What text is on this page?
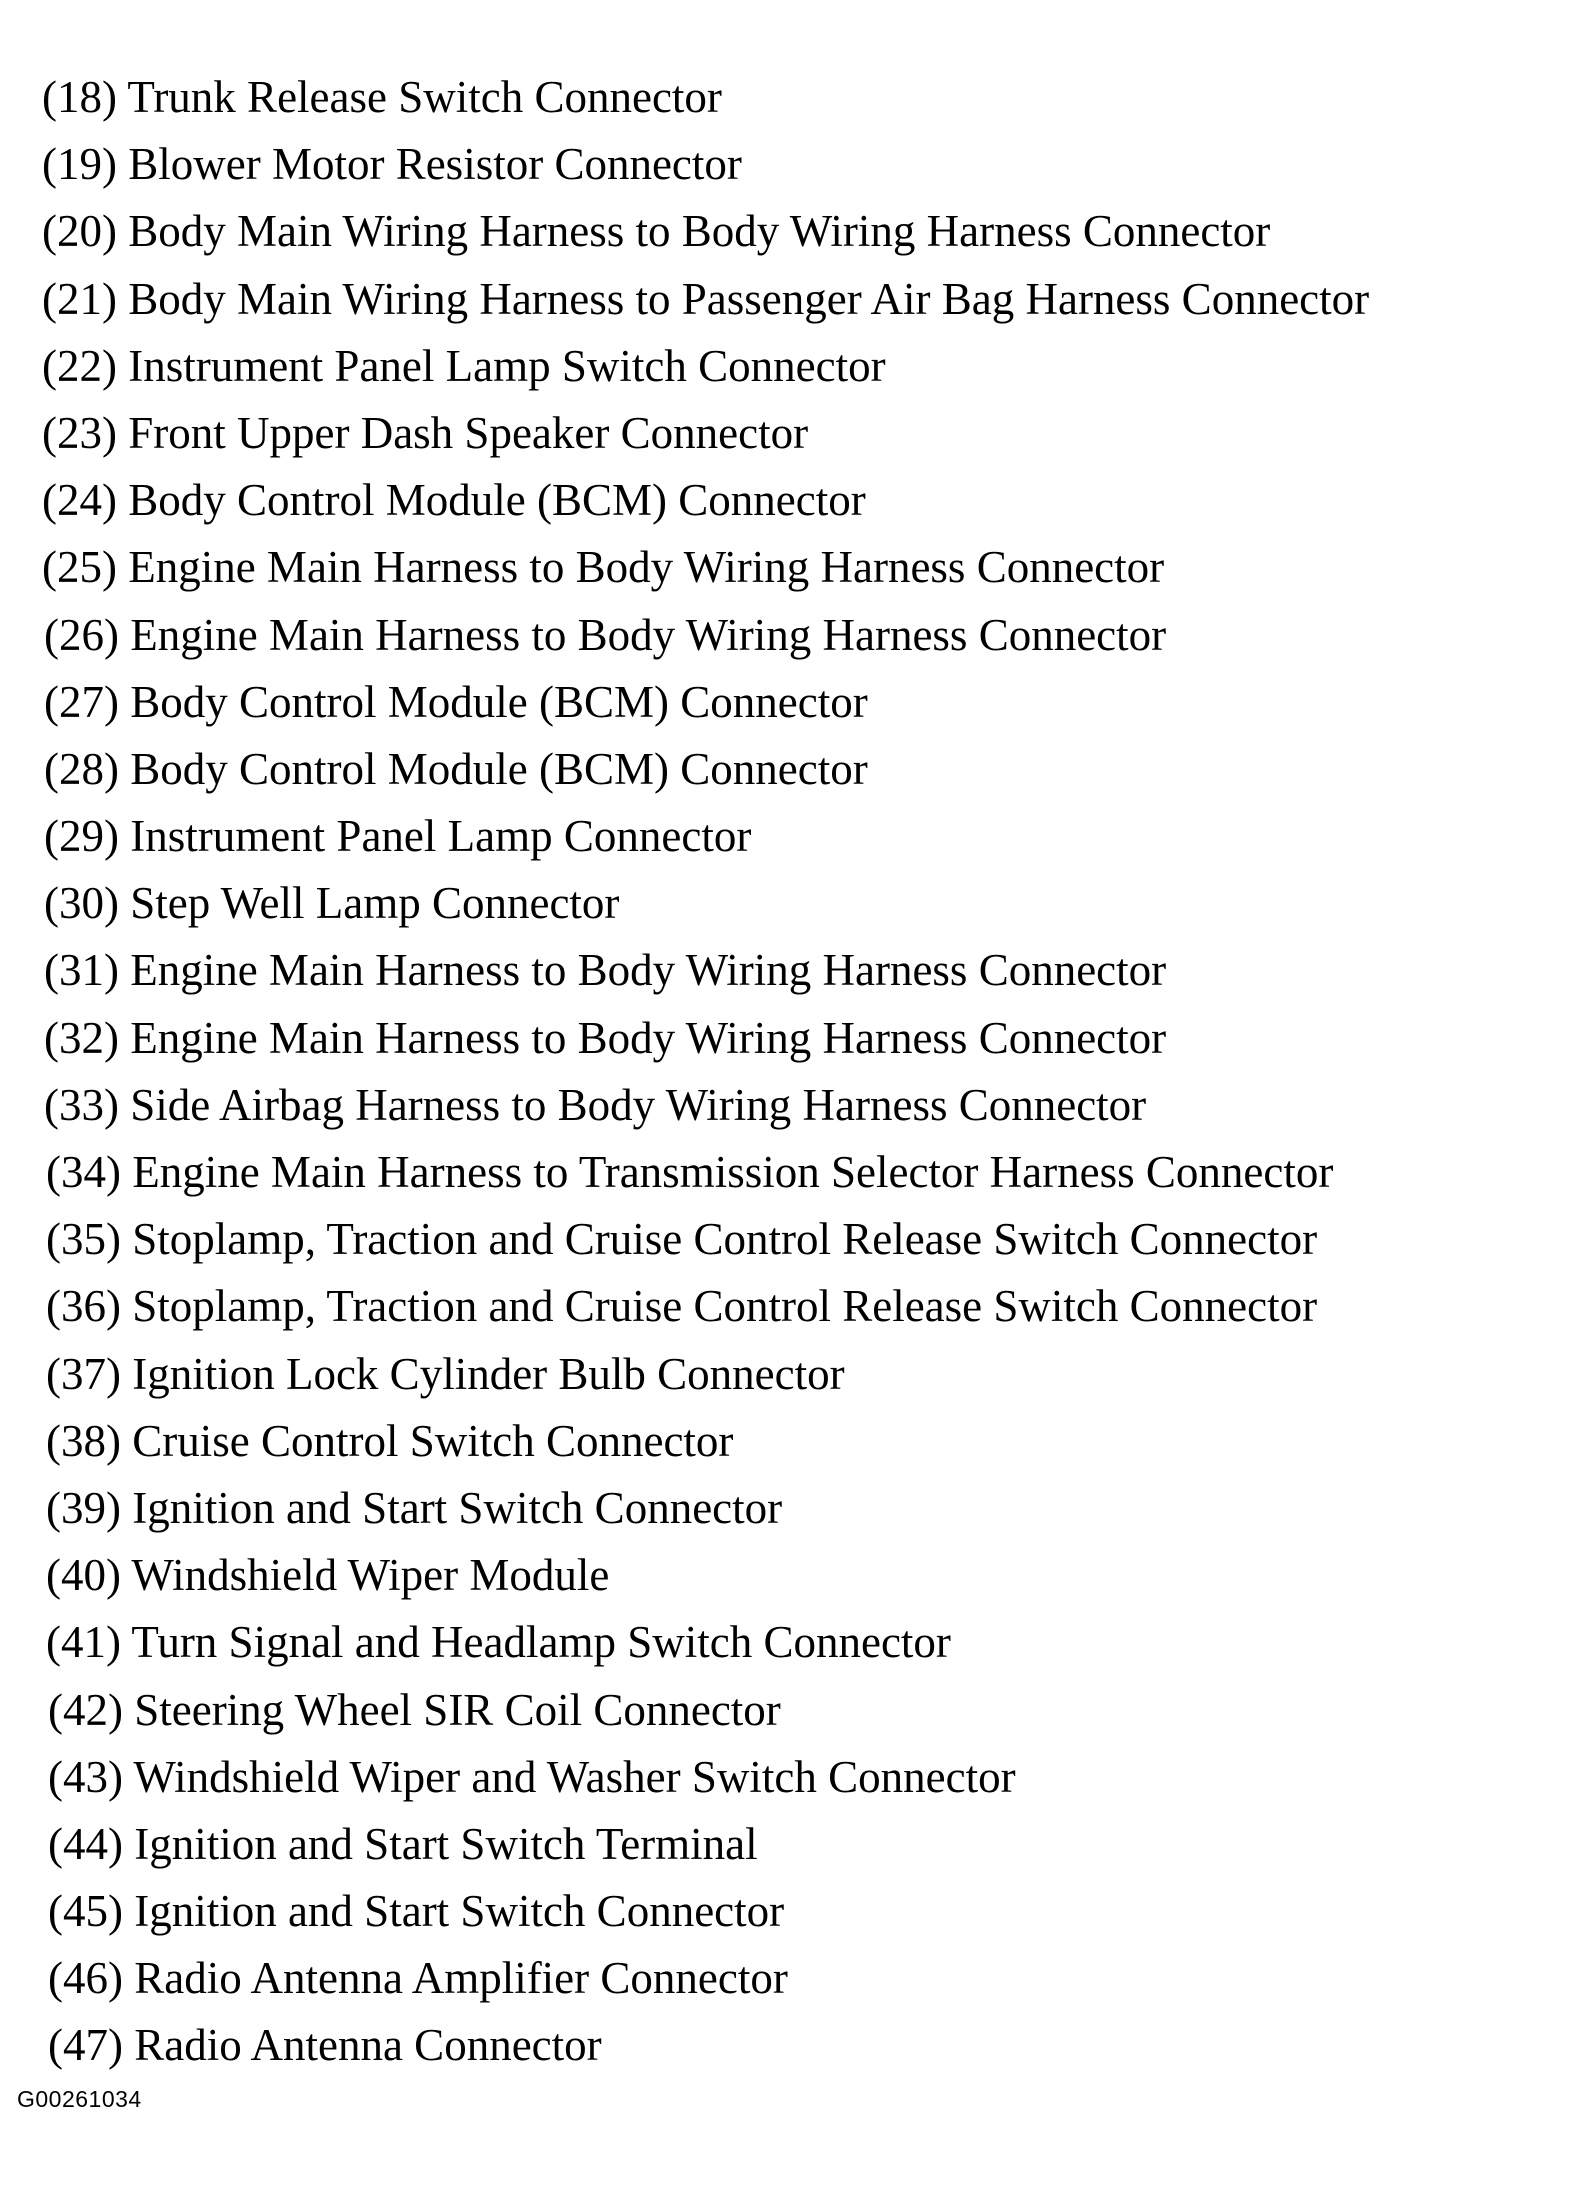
(18) Trunk Release Switch Connector
(19) Blower Motor Resistor Connector
(20) Body Main Wiring Harness to Body Wiring Harness Connector
(21) Body Main Wiring Harness to Passenger Air Bag Harness Connector
(22) Instrument Panel Lamp Switch Connector
(23) Front Upper Dash Speaker Connector
(24) Body Control Module (BCM) Connector
(25) Engine Main Harness to Body Wiring Harness Connector
(26) Engine Main Harness to Body Wiring Harness Connector
(27) Body Control Module (BCM) Connector
(28) Body Control Module (BCM) Connector
(29) Instrument Panel Lamp Connector
(30) Step Well Lamp Connector
(31) Engine Main Harness to Body Wiring Harness Connector
(32) Engine Main Harness to Body Wiring Harness Connector
(33) Side Airbag Harness to Body Wiring Harness Connector
(34) Engine Main Harness to Transmission Selector Harness Connector
(35) Stoplamp, Traction and Cruise Control Release Switch Connector
(36) Stoplamp, Traction and Cruise Control Release Switch Connector
(37) Ignition Lock Cylinder Bulb Connector
(38) Cruise Control Switch Connector
(39) Ignition and Start Switch Connector
(40) Windshield Wiper Module
(41) Turn Signal and Headlamp Switch Connector
(42) Steering Wheel SIR Coil Connector
(43) Windshield Wiper and Washer Switch Connector
(44) Ignition and Start Switch Terminal
(45) Ignition and Start Switch Connector
(46) Radio Antenna Amplifier Connector
(47) Radio Antenna Connector
G00261034
